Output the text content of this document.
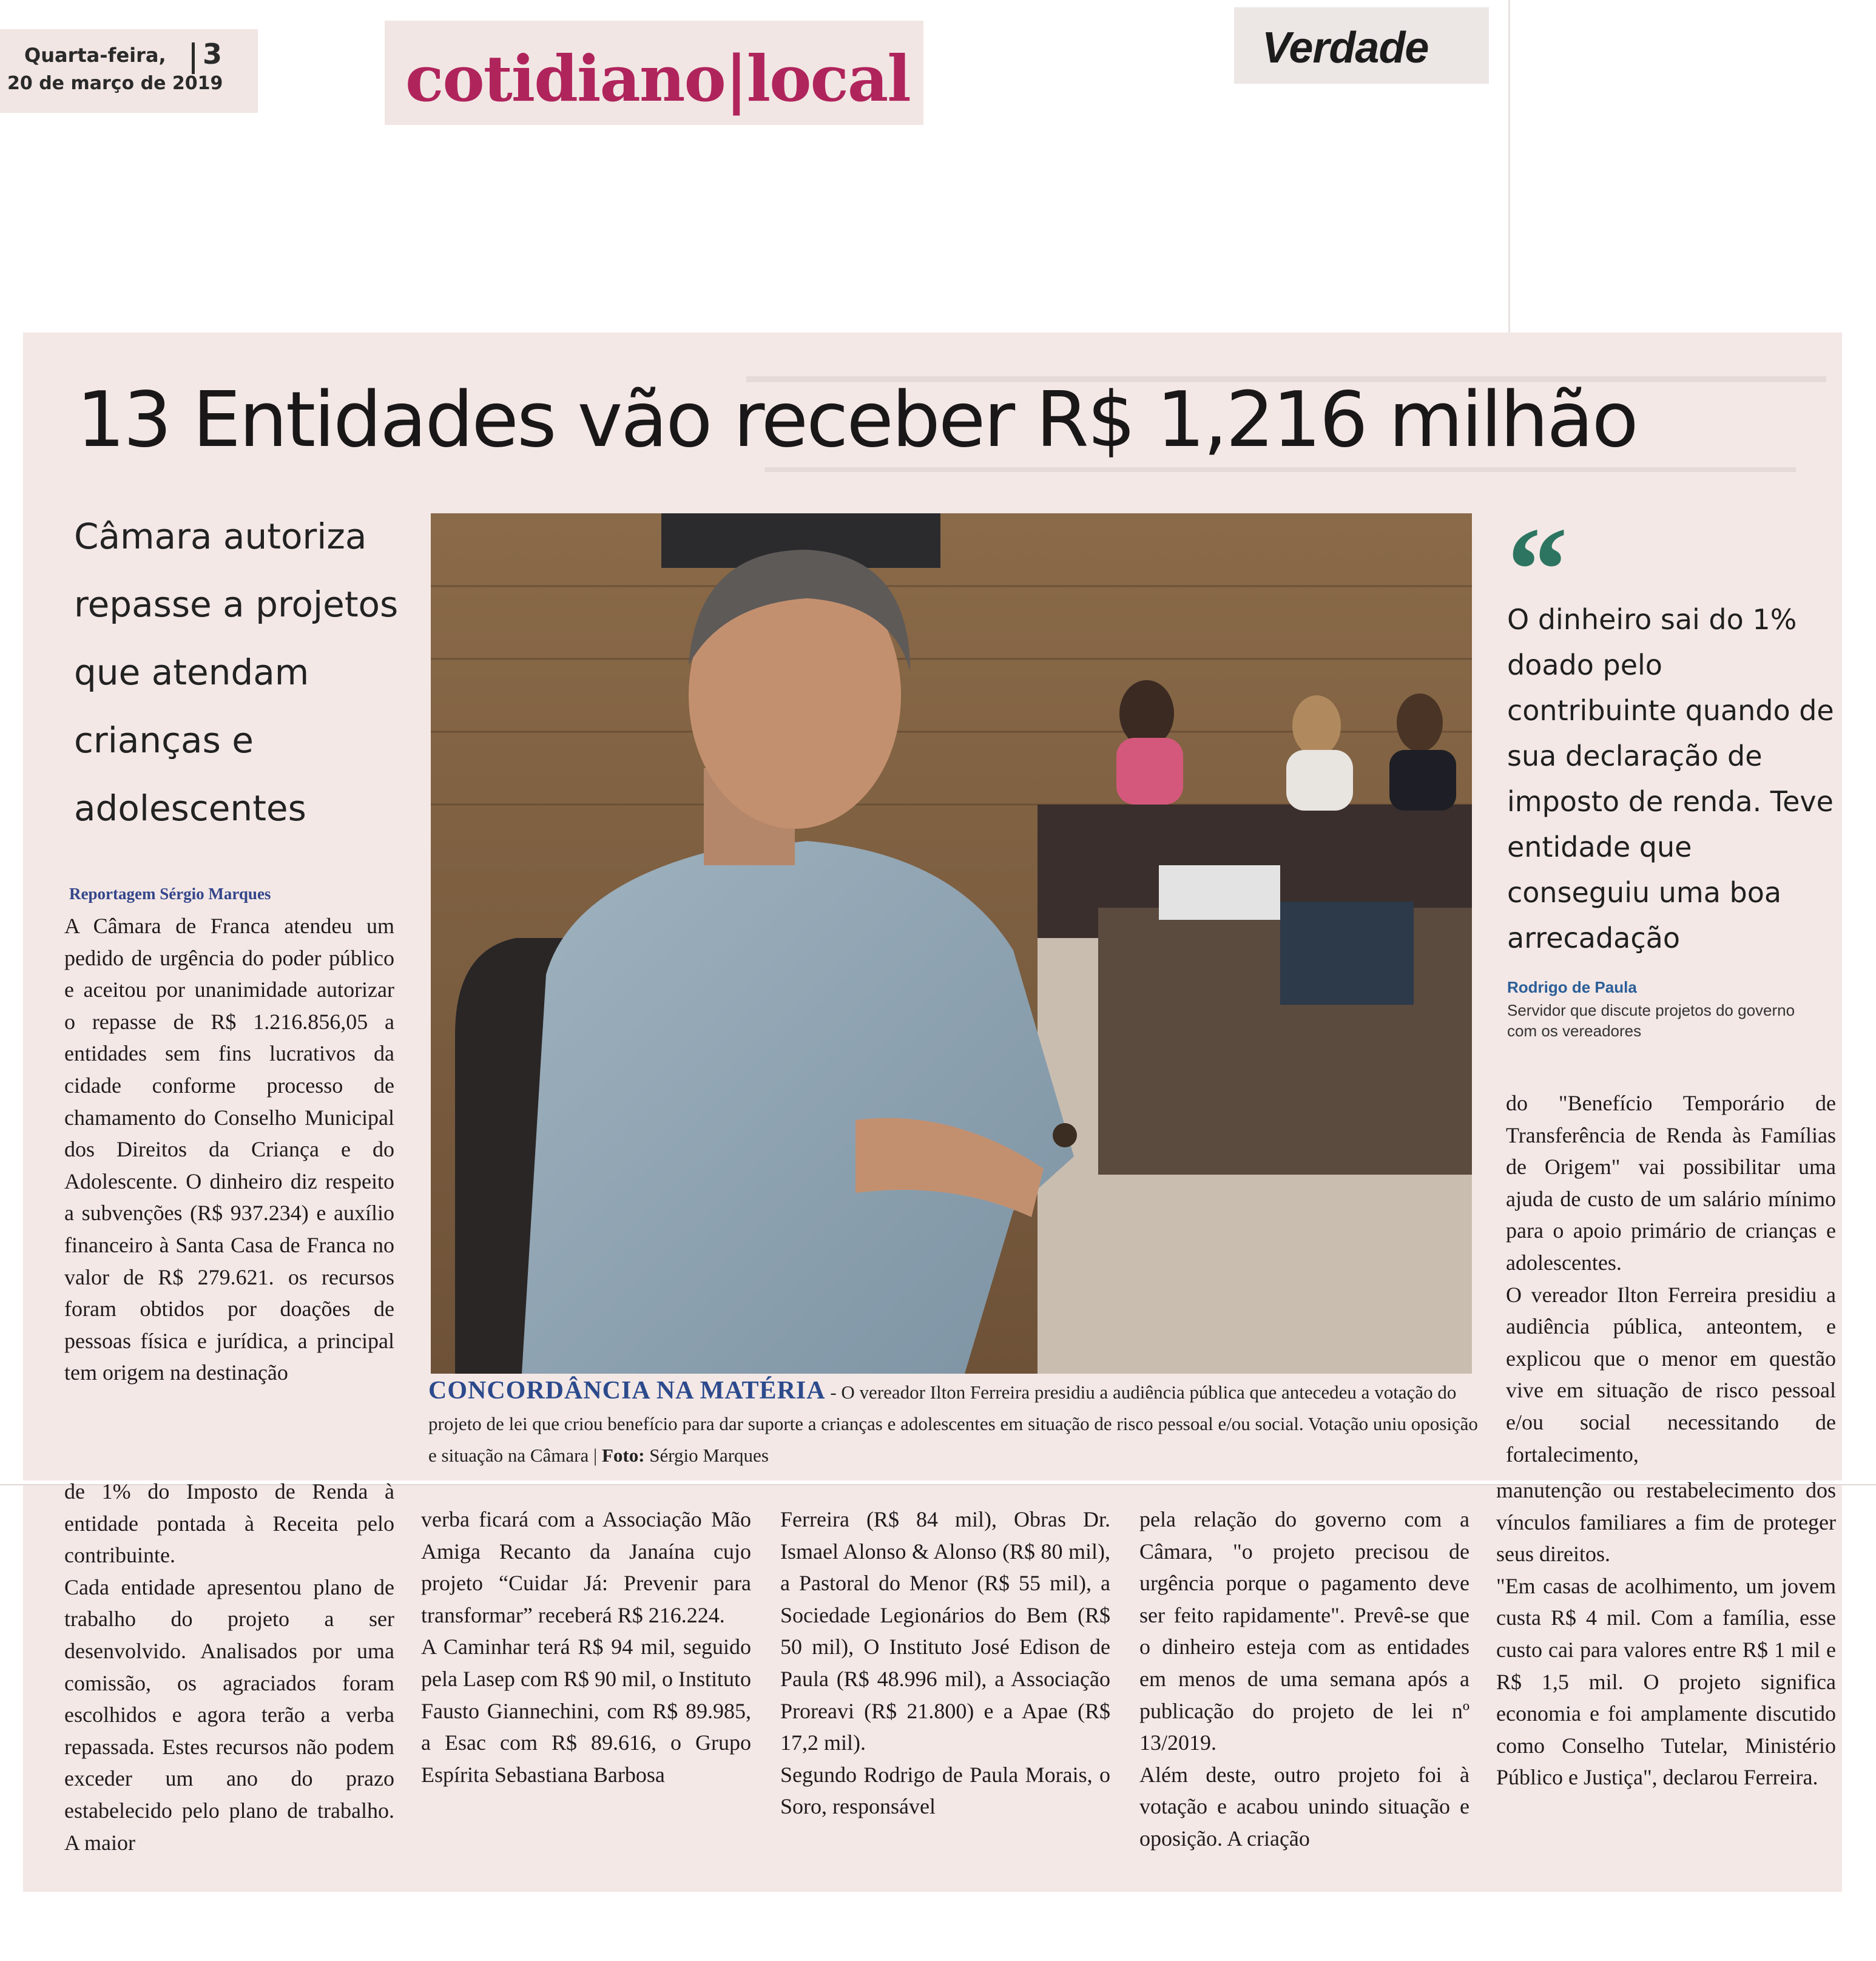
Quarta-feira, 3
20 de março de 2019	cotidiano|local	Verdade
13 Entidades vão receber R$ 1,216 milhão
Câmara autoriza repasse a projetos que atendam crianças e adolescentes
Reportagem Sérgio Marques
A Câmara de Franca atendeu um pedido de urgência do poder público e aceitou por unanimidade autorizar o repasse de R$ 1.216.856,05 a entidades sem fins lucrativos da cidade conforme processo de chamamento do Conselho Municipal dos Direitos da Criança e do Adolescente. O dinheiro diz respeito a subvenções (R$ 937.234) e auxílio financeiro à Santa Casa de Franca no valor de R$ 279.621. os recursos foram obtidos por doações de pessoas física e jurídica, a principal tem origem na destinação
CONCORDÂNCIA NA MATÉRIA - O vereador Ilton Ferreira presidiu a audiência pública que antecedeu a votação do projeto de lei que criou benefício para dar suporte a crianças e adolescentes em situação de risco pessoal e/ou social. Votação uniu oposição e situação na Câmara | Foto: Sérgio Marques
“
O dinheiro sai do 1% doado pelo contribuinte quando de sua declaração de imposto de renda. Teve entidade que conseguiu uma boa arrecadação
Rodrigo de Paula
Servidor que discute projetos do governo com os vereadores
do "Benefício Temporário de Transferência de Renda às Famílias de Origem" vai possibilitar uma ajuda de custo de um salário mínimo para o apoio primário de crianças e adolescentes.
O vereador Ilton Ferreira presidiu a audiência pública, anteontem, e explicou que o menor em questão vive em situação de risco pessoal e/ou social necessitando de fortalecimento,
de 1% do Imposto de Renda à entidade pontada à Receita pelo contribuinte.
Cada entidade apresentou plano de trabalho do projeto a ser desenvolvido. Analisados por uma comissão, os agraciados foram escolhidos e agora terão a verba repassada. Estes recursos não podem exceder um ano do prazo estabelecido pelo plano de trabalho. A maior
verba ficará com a Associação Mão Amiga Recanto da Janaína cujo projeto “Cuidar Já: Prevenir para transformar” receberá R$ 216.224.
A Caminhar terá R$ 94 mil, seguido pela Lasep com R$ 90 mil, o Instituto Fausto Giannechini, com R$ 89.985, a Esac com R$ 89.616, o Grupo Espírita Sebastiana Barbosa
Ferreira (R$ 84 mil), Obras Dr. Ismael Alonso & Alonso (R$ 80 mil), a Pastoral do Menor (R$ 55 mil), a Sociedade Legionários do Bem (R$ 50 mil), O Instituto José Edison de Paula (R$ 48.996 mil), a Associação Proreavi (R$ 21.800) e a Apae (R$ 17,2 mil).
Segundo Rodrigo de Paula Morais, o Soro, responsável
pela relação do governo com a Câmara, "o projeto precisou de urgência porque o pagamento deve ser feito rapidamente". Prevê-se que o dinheiro esteja com as entidades em menos de uma semana após a publicação do projeto de lei nº 13/2019.
Além deste, outro projeto foi à votação e acabou unindo situação e oposição. A criação
manutenção ou restabelecimento dos vínculos familiares a fim de proteger seus direitos.
"Em casas de acolhimento, um jovem custa R$ 4 mil. Com a família, esse custo cai para valores entre R$ 1 mil e R$ 1,5 mil. O projeto significa economia e foi amplamente discutido como Conselho Tutelar, Ministério Público e Justiça", declarou Ferreira.
